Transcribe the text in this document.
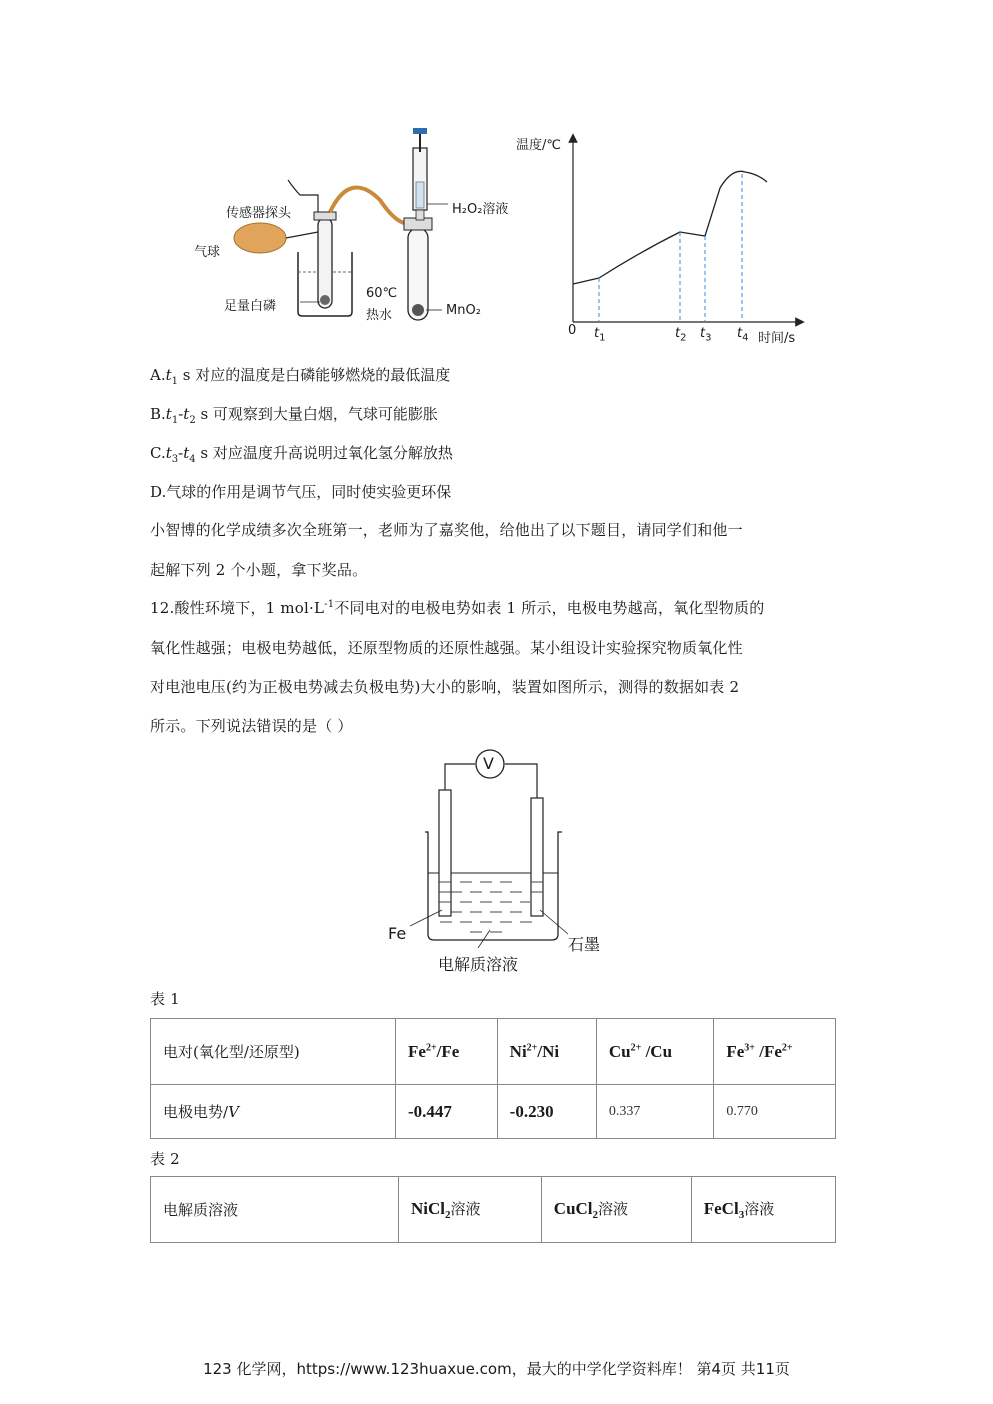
传感器探头
气球
足量白磷
60℃
热水
H₂O₂溶液
MnO₂
温度/℃
时间/s
0 $t_1$	$t_2$ $t_3$ $t_4$
$A.t_1$ s 对应的温度是白磷能够燃烧的最低温度
$B.t_1-t_2$ s 可观察到大量白烟，气球可能膨胀
$C.t_3-t_4$ s 对应温度升高说明过氧化氢分解放热
D.气球的作用是调节气压，同时使实验更环保
小智博的化学成绩多次全班第一，老师为了嘉奖他，给他出了以下题目，请同学们和他一
起解下列 2 个小题，拿下奖品。
12.酸性环境下，1 $mol\cdot L^{-1}$不同电对的电极电势如表 1 所示，电极电势越高，氧化型物质的
氧化性越强；电极电势越低，还原型物质的还原性越强。某小组设计实验探究物质氧化性
对电池电压(约为正极电势减去负极电势)大小的影响，装置如图所示，测得的数据如表 2
所示。下列说法错误的是（ ）
V
Fe
石墨
电解质溶液
表 1
电对(氧化型/还原型)	$Fe^{2+}/Fe$	$Ni^{2+}/Ni$	$Cu^{2+}$ /Cu	$Fe^{3+}$ $/Fe^{2+}$
电极电势/V	-0.447	-0.230	0.337	0.770
表 2
电解质溶液	NiCl$_2$溶液	CuCl$_2$溶液	FeCl$_3$溶液
123 化学网，https://www.123huaxue.com，最大的中学化学资料库！ 第4页 共11页
